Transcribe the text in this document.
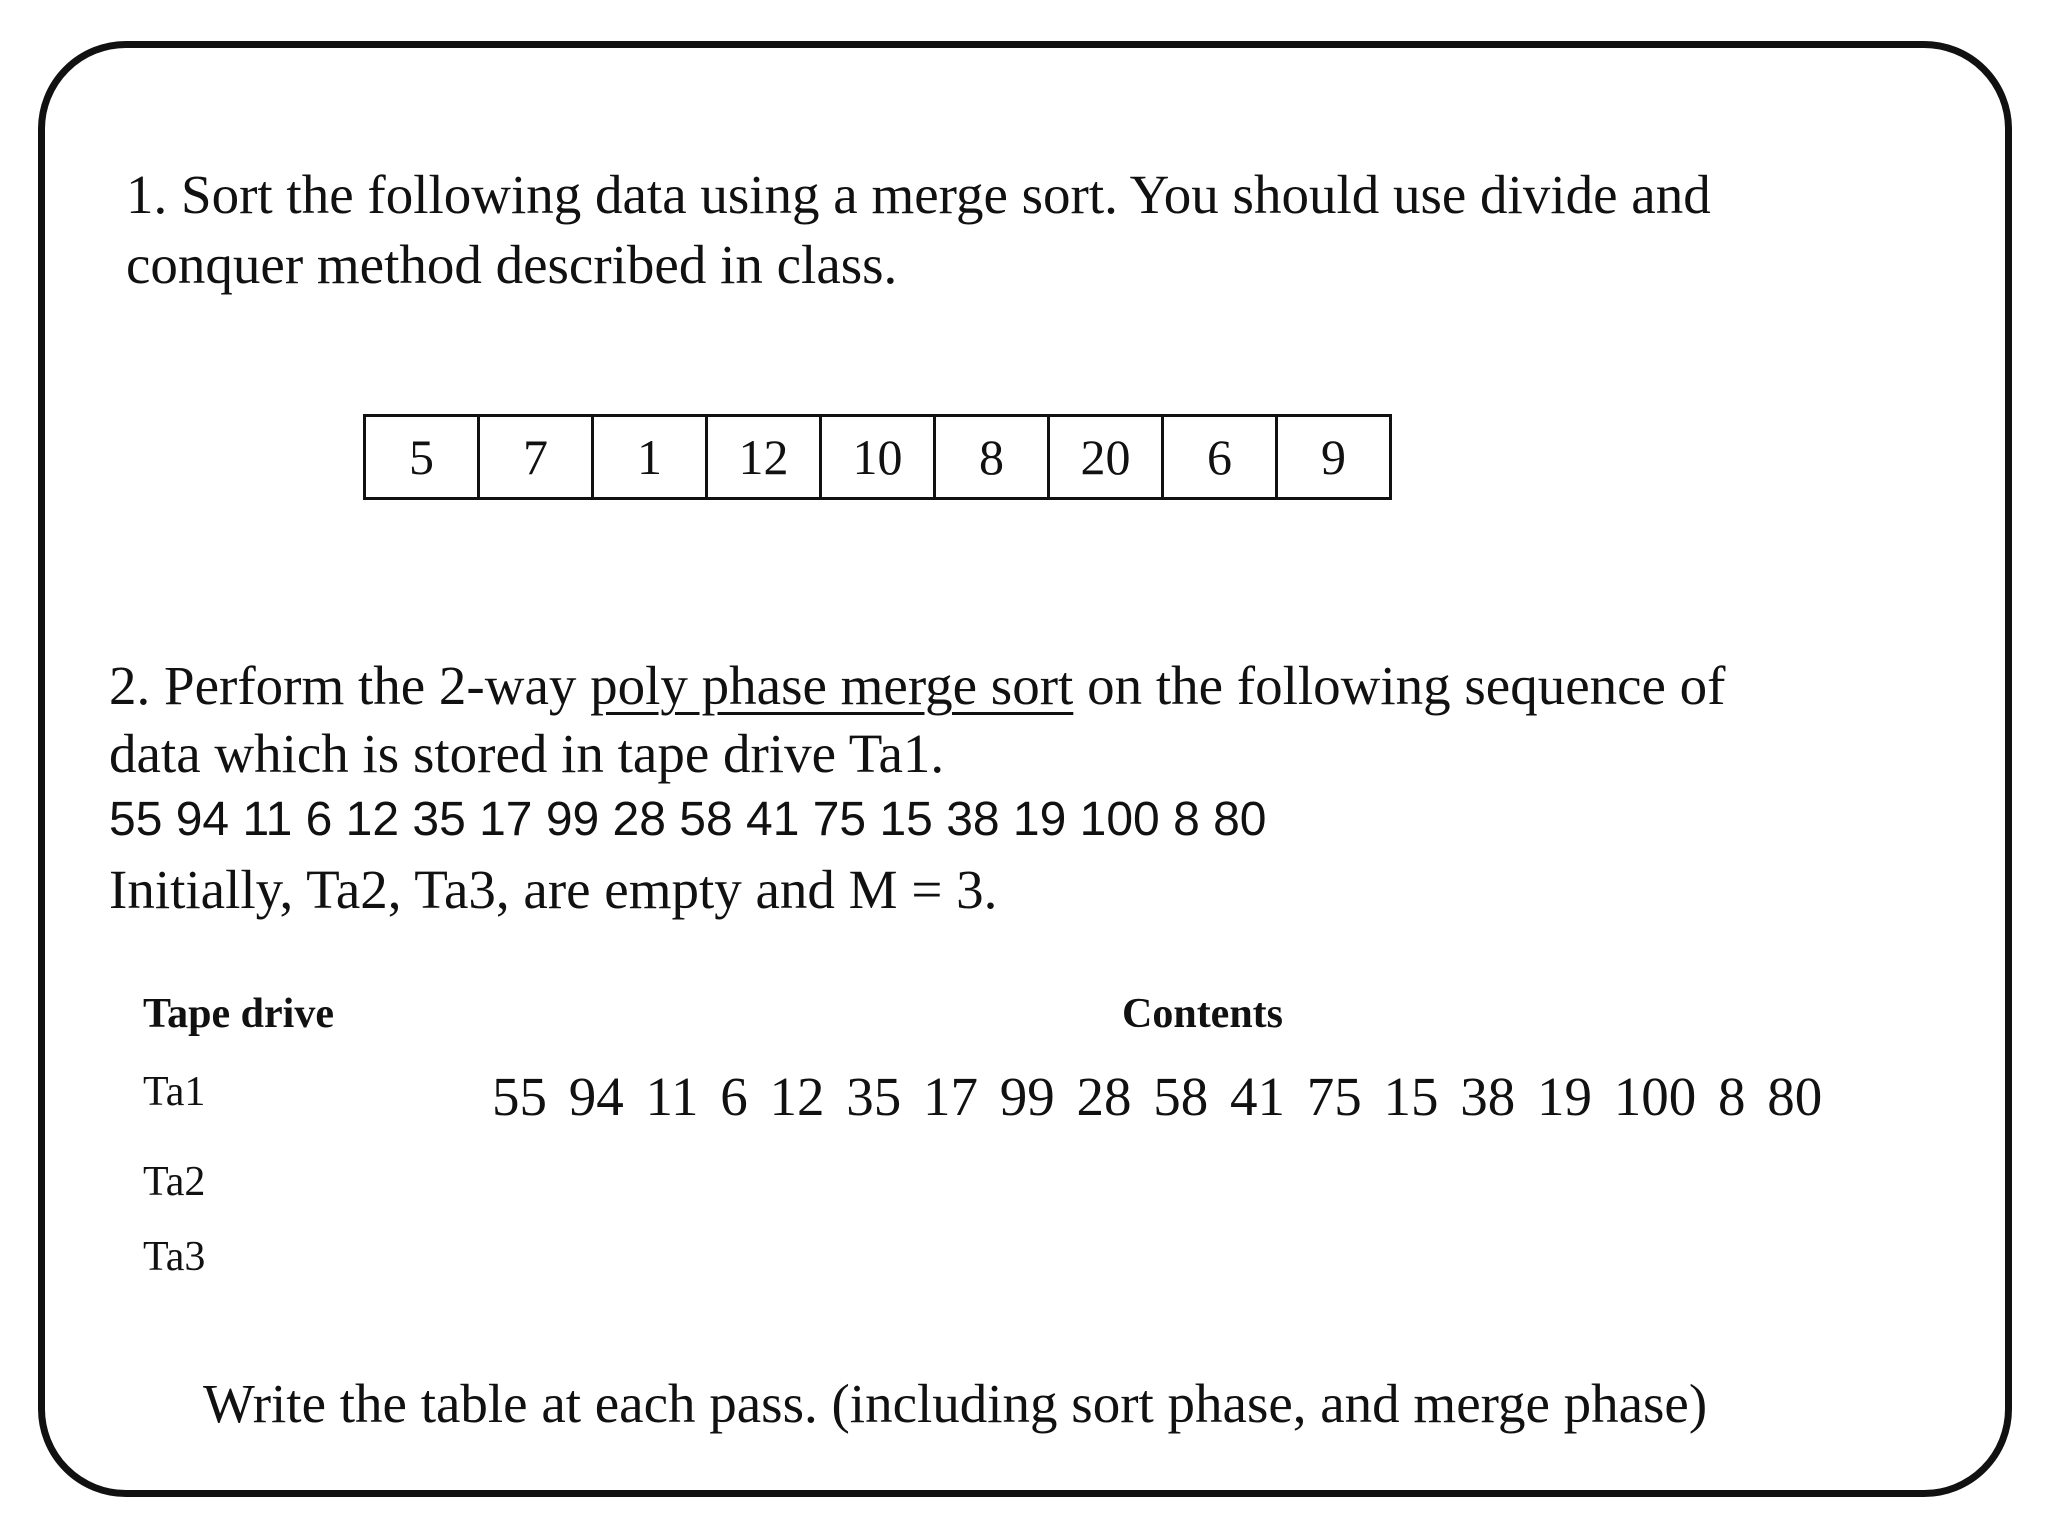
1. Sort the following data using a merge sort. You should use divide and
conquer method described in class.
5	7	1	12	10	8	20	6	9
2. Perform the 2-way poly phase merge sort on the following sequence of
data which is stored in tape drive Ta1.
55 94 11 6 12 35 17 99 28 58 41 75 15 38 19 100 8 80
Initially, Ta2, Ta3, are empty and M = 3.
Tape drive	Contents
Ta1	55 94 11 6 12 35 17 99 28 58 41 75 15 38 19 100 8 80
Ta2
Ta3
Write the table at each pass. (including sort phase, and merge phase)
